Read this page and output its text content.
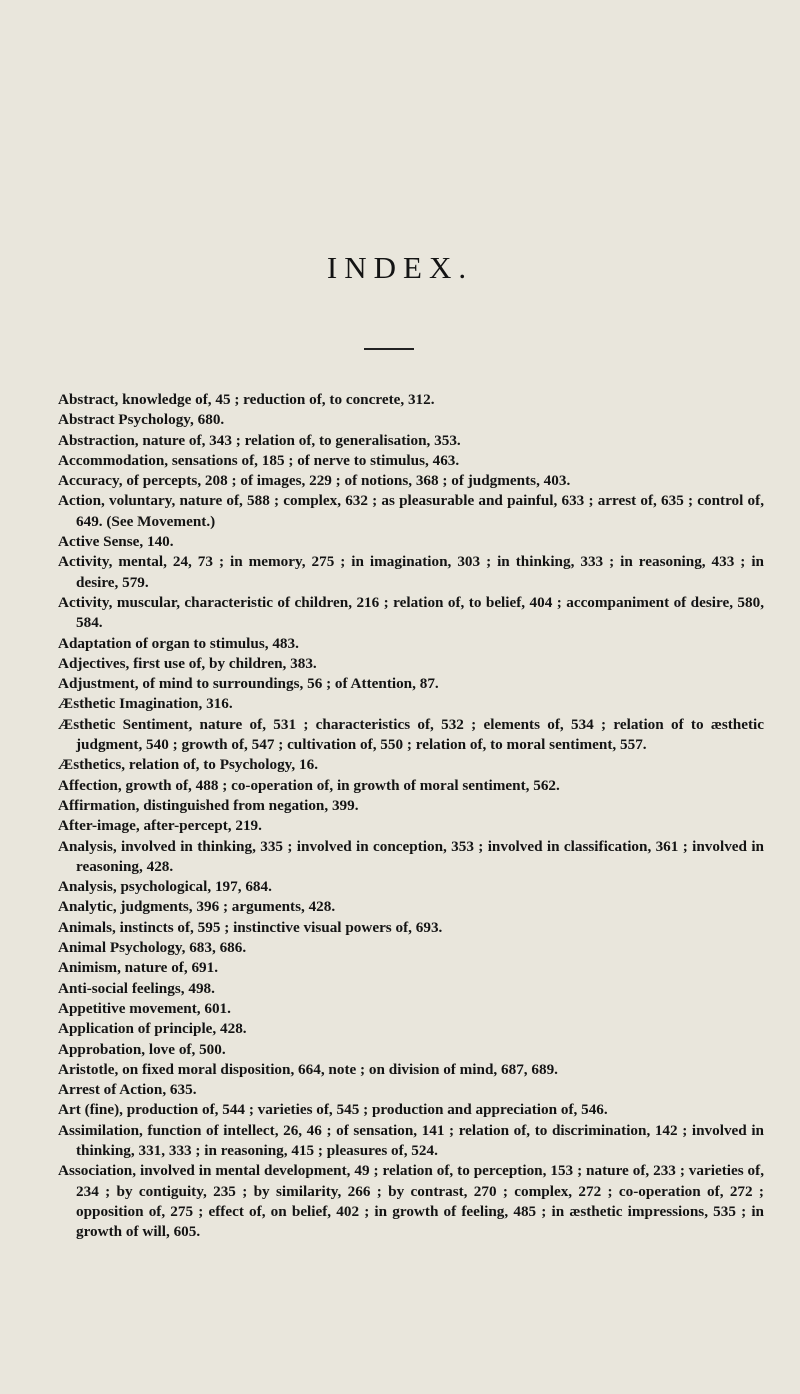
INDEX.
Abstract, knowledge of, 45 ; reduction of, to concrete, 312.
Abstract Psychology, 680.
Abstraction, nature of, 343 ; relation of, to generalisation, 353.
Accommodation, sensations of, 185 ; of nerve to stimulus, 463.
Accuracy, of percepts, 208 ; of images, 229 ; of notions, 368 ; of judgments, 403.
Action, voluntary, nature of, 588 ; complex, 632 ; as pleasurable and painful, 633 ; arrest of, 635 ; control of, 649. (See Movement.)
Active Sense, 140.
Activity, mental, 24, 73 ; in memory, 275 ; in imagination, 303 ; in thinking, 333 ; in reasoning, 433 ; in desire, 579.
Activity, muscular, characteristic of children, 216 ; relation of, to belief, 404 ; accompaniment of desire, 580, 584.
Adaptation of organ to stimulus, 483.
Adjectives, first use of, by children, 383.
Adjustment, of mind to surroundings, 56 ; of Attention, 87.
Æsthetic Imagination, 316.
Æsthetic Sentiment, nature of, 531 ; characteristics of, 532 ; elements of, 534 ; relation of to æsthetic judgment, 540 ; growth of, 547 ; cultivation of, 550 ; relation of, to moral sentiment, 557.
Æsthetics, relation of, to Psychology, 16.
Affection, growth of, 488 ; co-operation of, in growth of moral sentiment, 562.
Affirmation, distinguished from negation, 399.
After-image, after-percept, 219.
Analysis, involved in thinking, 335 ; involved in conception, 353 ; involved in classification, 361 ; involved in reasoning, 428.
Analysis, psychological, 197, 684.
Analytic, judgments, 396 ; arguments, 428.
Animals, instincts of, 595 ; instinctive visual powers of, 693.
Animal Psychology, 683, 686.
Animism, nature of, 691.
Anti-social feelings, 498.
Appetitive movement, 601.
Application of principle, 428.
Approbation, love of, 500.
Aristotle, on fixed moral disposition, 664, note ; on division of mind, 687, 689.
Arrest of Action, 635.
Art (fine), production of, 544 ; varieties of, 545 ; production and appreciation of, 546.
Assimilation, function of intellect, 26, 46 ; of sensation, 141 ; relation of, to discrimination, 142 ; involved in thinking, 331, 333 ; in reasoning, 415 ; pleasures of, 524.
Association, involved in mental development, 49 ; relation of, to perception, 153 ; nature of, 233 ; varieties of, 234 ; by contiguity, 235 ; by similarity, 266 ; by contrast, 270 ; complex, 272 ; co-operation of, 272 ; opposition of, 275 ; effect of, on belief, 402 ; in growth of feeling, 485 ; in æsthetic impressions, 535 ; in growth of will, 605.
